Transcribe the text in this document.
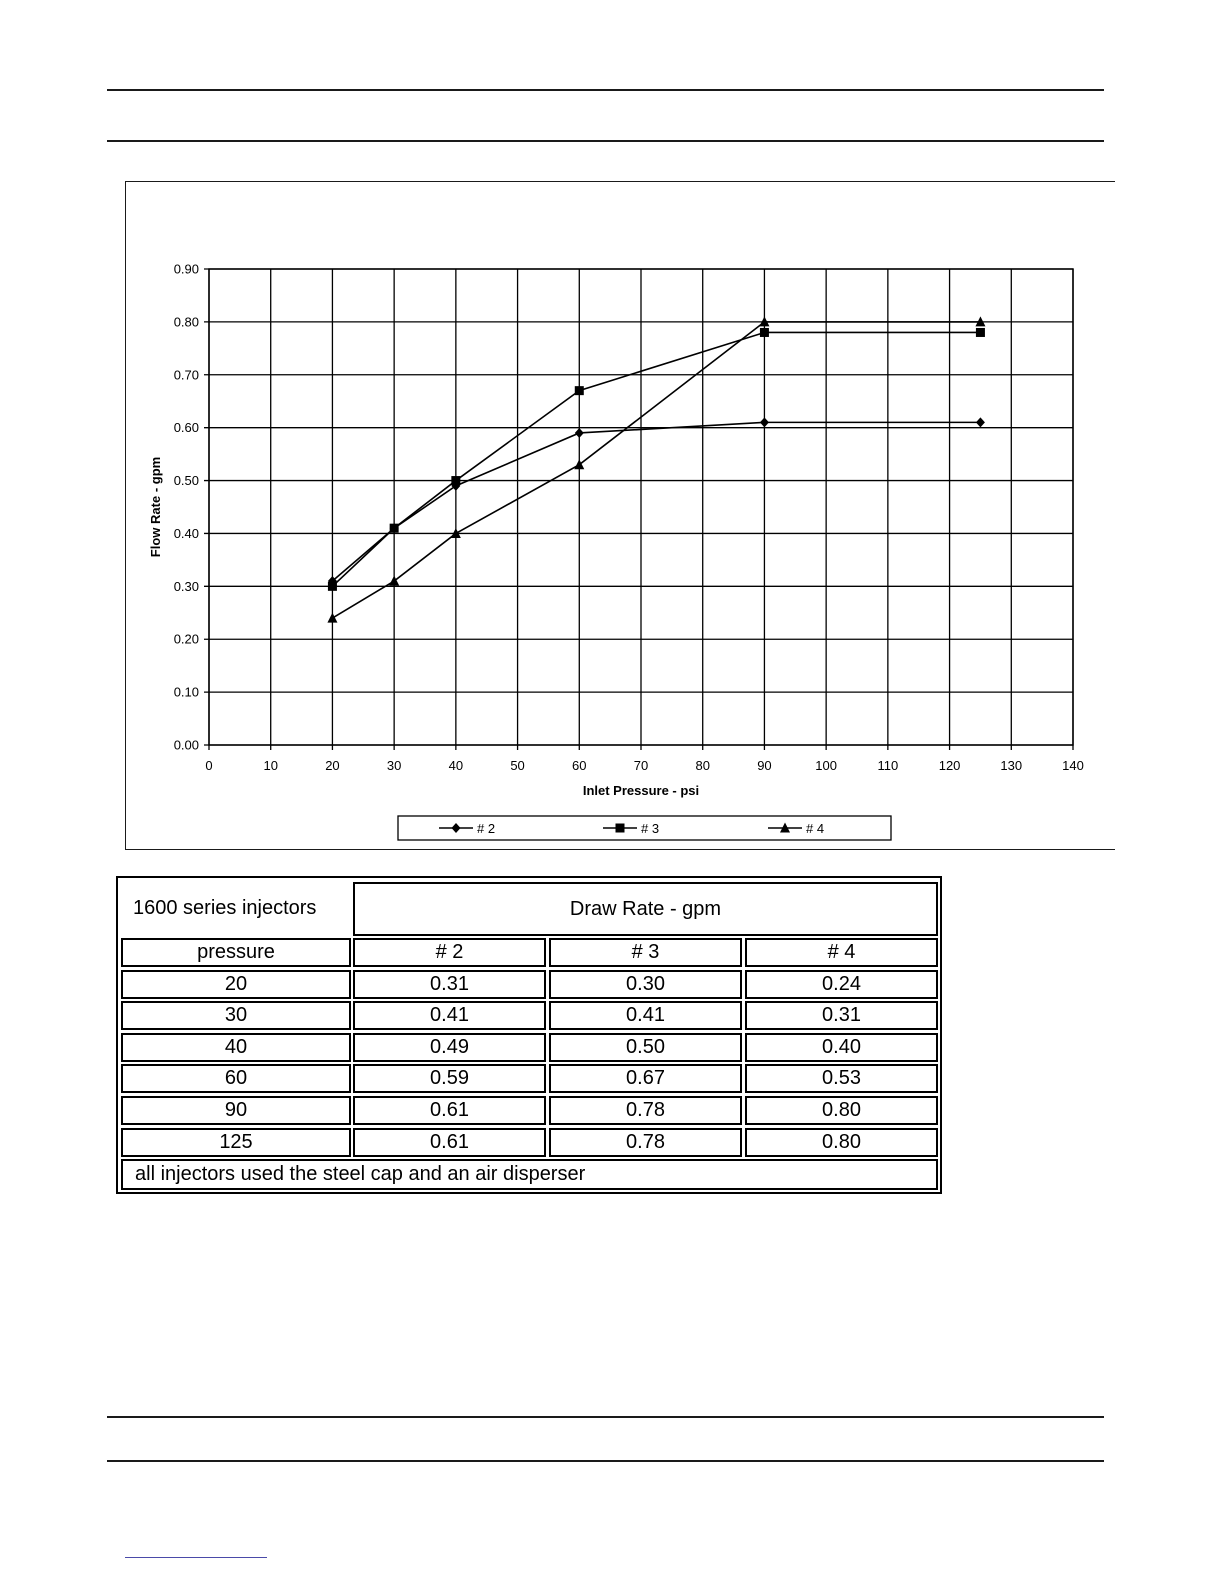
0	10	20	30	40	50	60	70	80	90	100	110	120	130	140
0.00
0.10
0.20
0.30
0.40
0.50
0.60
0.70
0.80
0.90
Inlet Pressure - psi
Flow Rate - gpm
# 2	# 3	# 4
1600 series injectors	Draw Rate - gpm
pressure	# 2	# 3	# 4
20	0.31	0.30	0.24
30	0.41	0.41	0.31
40	0.49	0.50	0.40
60	0.59	0.67	0.53
90	0.61	0.78	0.80
125	0.61	0.78	0.80
all injectors used the steel cap and an air disperser
